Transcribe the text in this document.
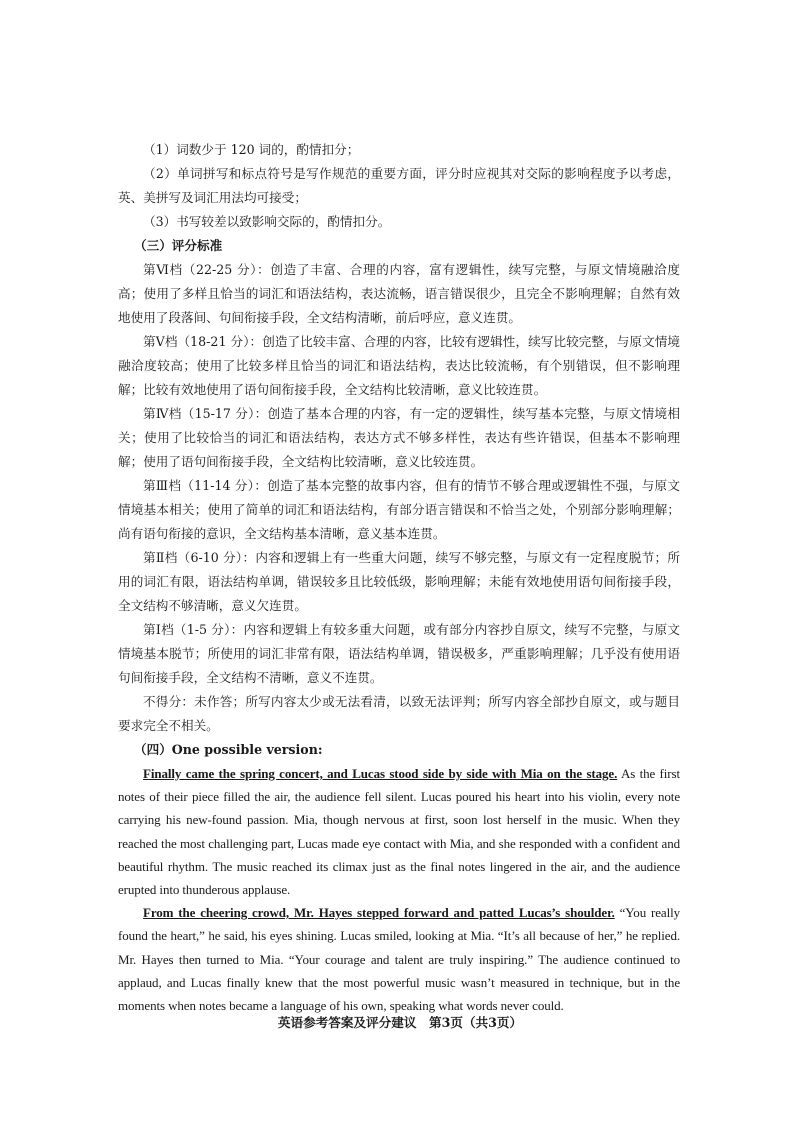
（1）词数少于 120 词的，酌情扣分；

（2）单词拼写和标点符号是写作规范的重要方面，评分时应视其对交际的影响程度予以考虑，英、美拼写及词汇用法均可接受；

（3）书写较差以致影响交际的，酌情扣分。

（三）评分标准

第Ⅵ档（22-25 分）：创造了丰富、合理的内容，富有逻辑性，续写完整，与原文情境融洽度高；使用了多样且恰当的词汇和语法结构，表达流畅，语言错误很少，且完全不影响理解；自然有效地使用了段落间、句间衔接手段，全文结构清晰，前后呼应，意义连贯。

第Ⅴ档（18-21 分）：创造了比较丰富、合理的内容，比较有逻辑性，续写比较完整，与原文情境融洽度较高；使用了比较多样且恰当的词汇和语法结构，表达比较流畅，有个别错误，但不影响理解；比较有效地使用了语句间衔接手段，全文结构比较清晰，意义比较连贯。

第Ⅳ档（15-17 分）：创造了基本合理的内容，有一定的逻辑性，续写基本完整，与原文情境相关；使用了比较恰当的词汇和语法结构，表达方式不够多样性，表达有些许错误，但基本不影响理解；使用了语句间衔接手段，全文结构比较清晰，意义比较连贯。

第Ⅲ档（11-14 分）：创造了基本完整的故事内容，但有的情节不够合理或逻辑性不强，与原文情境基本相关；使用了简单的词汇和语法结构，有部分语言错误和不恰当之处，个别部分影响理解；尚有语句衔接的意识，全文结构基本清晰，意义基本连贯。

第Ⅱ档（6-10 分）：内容和逻辑上有一些重大问题，续写不够完整，与原文有一定程度脱节；所用的词汇有限，语法结构单调，错误较多且比较低级，影响理解；未能有效地使用语句间衔接手段，全文结构不够清晰，意义欠连贯。

第Ⅰ档（1-5 分）：内容和逻辑上有较多重大问题，或有部分内容抄自原文，续写不完整，与原文情境基本脱节；所使用的词汇非常有限，语法结构单调，错误极多，严重影响理解；几乎没有使用语句间衔接手段，全文结构不清晰，意义不连贯。

不得分：未作答；所写内容太少或无法看清，以致无法评判；所写内容全部抄自原文，或与题目要求完全不相关。

（四）One possible version:

Finally came the spring concert, and Lucas stood side by side with Mia on the stage. As the first notes of their piece filled the air, the audience fell silent. Lucas poured his heart into his violin, every note carrying his new-found passion. Mia, though nervous at first, soon lost herself in the music. When they reached the most challenging part, Lucas made eye contact with Mia, and she responded with a confident and beautiful rhythm. The music reached its climax just as the final notes lingered in the air, and the audience erupted into thunderous applause.

From the cheering crowd, Mr. Hayes stepped forward and patted Lucas’s shoulder. “You really found the heart,” he said, his eyes shining. Lucas smiled, looking at Mia. “It’s all because of her,” he replied. Mr. Hayes then turned to Mia. “Your courage and talent are truly inspiring.” The audience continued to applaud, and Lucas finally knew that the most powerful music wasn’t measured in technique, but in the moments when notes became a language of his own, speaking what words never could.

英语参考答案及评分建议　第3页（共3页）
